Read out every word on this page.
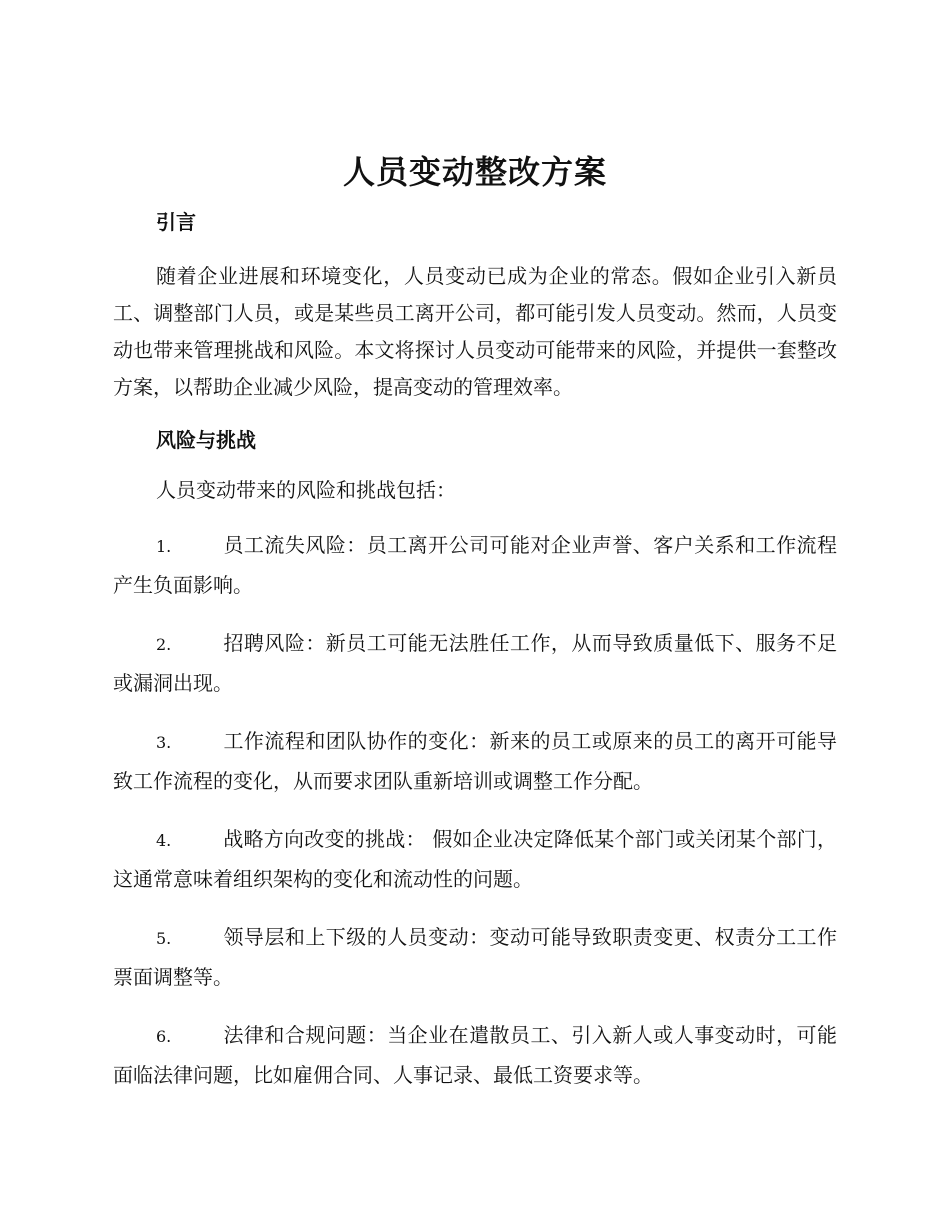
人员变动整改方案
引言

随着企业进展和环境变化，人员变动已成为企业的常态。假如企业引入新员工、调整部门人员，或是某些员工离开公司，都可能引发人员变动。然而，人员变动也带来管理挑战和风险。本文将探讨人员变动可能带来的风险，并提供一套整改方案，以帮助企业减少风险，提高变动的管理效率。

风险与挑战
人员变动带来的风险和挑战包括：
1.	员工流失风险：员工离开公司可能对企业声誉、客户关系和工作流程产生负面影响。
2.	招聘风险：新员工可能无法胜任工作，从而导致质量低下、服务不足或漏洞出现。
3.	工作流程和团队协作的变化：新来的员工或原来的员工的离开可能导致工作流程的变化，从而要求团队重新培训或调整工作分配。
4.	战略方向改变的挑战： 假如企业决定降低某个部门或关闭某个部门，这通常意味着组织架构的变化和流动性的问题。
5.	领导层和上下级的人员变动：变动可能导致职责变更、权责分工工作票面调整等。
6.	法律和合规问题：当企业在遣散员工、引入新人或人事变动时，可能面临法律问题，比如雇佣合同、人事记录、最低工资要求等。
